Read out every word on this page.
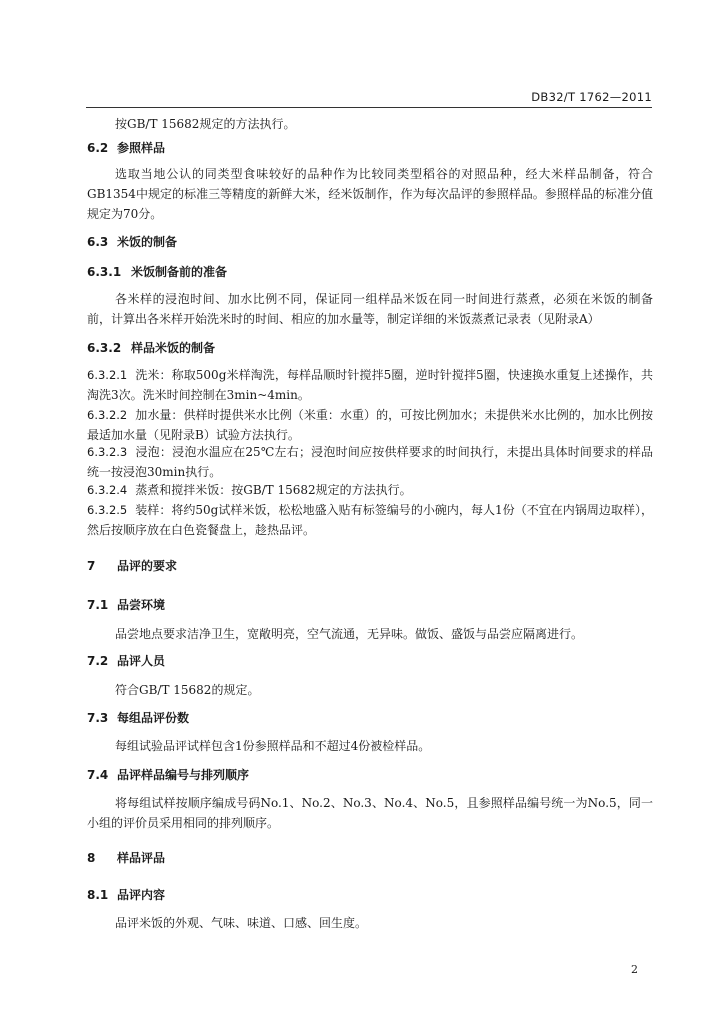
DB32/T 1762—2011

按GB/T 15682规定的方法执行。

6.2 参照样品

选取当地公认的同类型食味较好的品种作为比较同类型稻谷的对照品种，经大米样品制备，符合GB1354中规定的标准三等精度的新鲜大米，经米饭制作，作为每次品评的参照样品。参照样品的标准分值规定为70分。

6.3 米饭的制备
6.3.1 米饭制备前的准备

各米样的浸泡时间、加水比例不同，保证同一组样品米饭在同一时间进行蒸煮，必须在米饭的制备前，计算出各米样开始洗米时的时间、相应的加水量等，制定详细的米饭蒸煮记录表（见附录A）

6.3.2 样品米饭的制备

6.3.2.1 洗米：称取500g米样淘洗，每样品顺时针搅拌5圈，逆时针搅拌5圈，快速换水重复上述操作，共淘洗3次。洗米时间控制在3min~4min。

6.3.2.2 加水量：供样时提供米水比例（米重：水重）的，可按比例加水；未提供米水比例的，加水比例按最适加水量（见附录B）试验方法执行。

6.3.2.3 浸泡：浸泡水温应在25℃左右；浸泡时间应按供样要求的时间执行，未提出具体时间要求的样品统一按浸泡30min执行。

6.3.2.4 蒸煮和搅拌米饭：按GB/T 15682规定的方法执行。

6.3.2.5 装样：将约50g试样米饭，松松地盛入贴有标签编号的小碗内，每人1份（不宜在内锅周边取样），然后按顺序放在白色瓷餐盘上，趁热品评。

7 品评的要求
7.1 品尝环境

品尝地点要求洁净卫生，宽敞明亮，空气流通，无异味。做饭、盛饭与品尝应隔离进行。

7.2 品评人员

符合GB/T 15682的规定。

7.3 每组品评份数

每组试验品评试样包含1份参照样品和不超过4份被检样品。

7.4 品评样品编号与排列顺序

将每组试样按顺序编成号码No.1、No.2、No.3、No.4、No.5，且参照样品编号统一为No.5，同一小组的评价员采用相同的排列顺序。

8 样品评品
8.1 品评内容

品评米饭的外观、气味、味道、口感、回生度。

2
